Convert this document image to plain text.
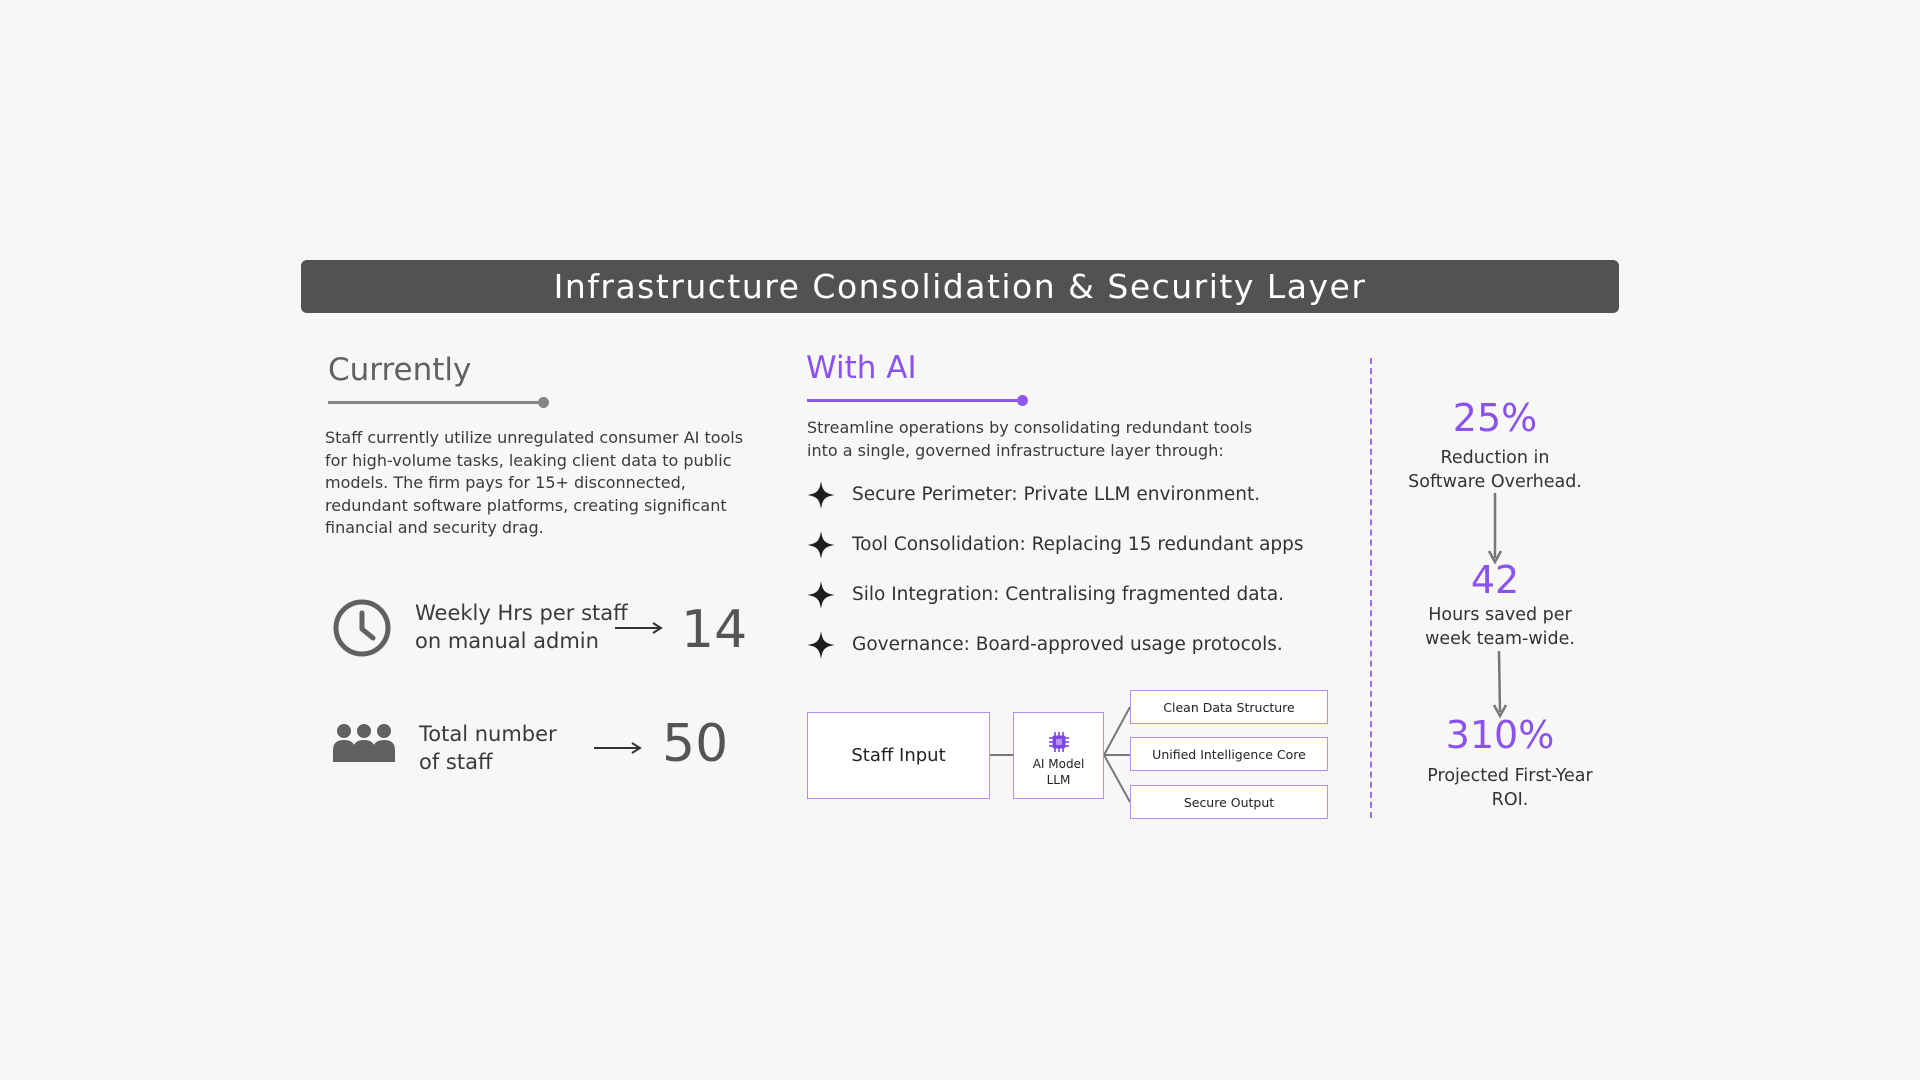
Infrastructure Consolidation & Security Layer
Currently

Staff currently utilize unregulated consumer AI tools for high-volume tasks, leaking client data to public models. The firm pays for 15+ disconnected, redundant software platforms, creating significant financial and security drag.

Weekly Hrs per staff
on manual admin	14
Total number
of staff	50
With AI

Streamline operations by consolidating redundant tools into a single, governed infrastructure layer through:

Secure Perimeter: Private LLM environment.
Tool Consolidation: Replacing 15 redundant apps
Silo Integration: Centralising fragmented data.
Governance: Board-approved usage protocols.
Staff Input	AI Model
LLM
Clean Data Structure
Unified Intelligence Core
Secure Output
25%
Reduction in
Software Overhead.
42
Hours saved per
week team-wide.
310%
Projected First-Year
ROI.
